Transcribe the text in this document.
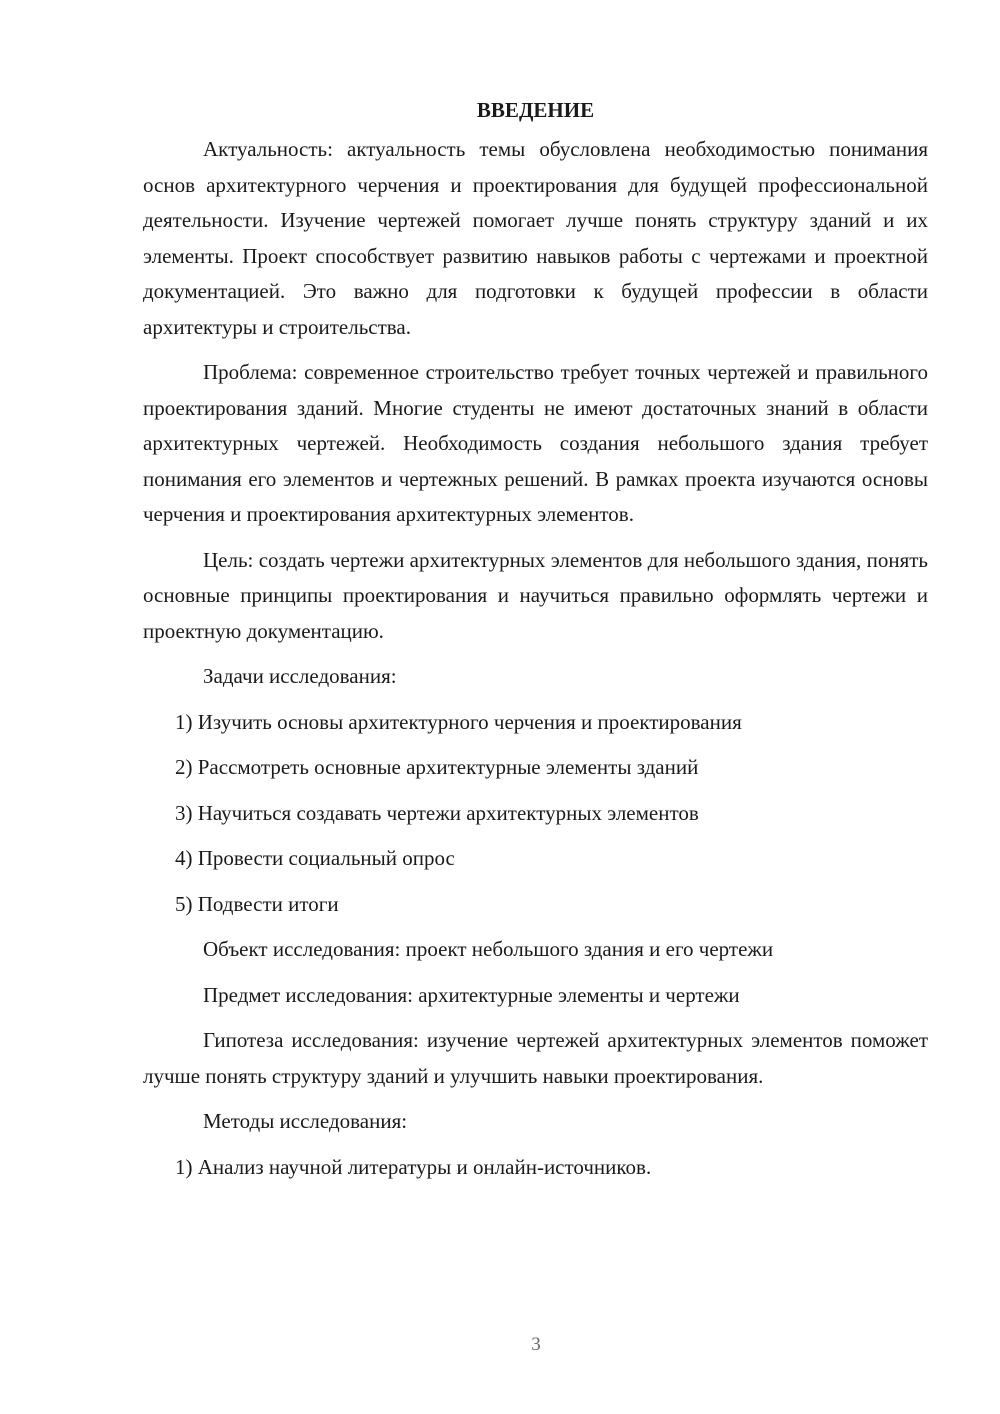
ВВЕДЕНИЕ
Актуальность: актуальность темы обусловлена необходимостью понимания основ архитектурного черчения и проектирования для будущей профессиональной деятельности. Изучение чертежей помогает лучше понять структуру зданий и их элементы. Проект способствует развитию навыков работы с чертежами и проектной документацией. Это важно для подготовки к будущей профессии в области архитектуры и строительства.
Проблема: современное строительство требует точных чертежей и правильного проектирования зданий. Многие студенты не имеют достаточных знаний в области архитектурных чертежей. Необходимость создания небольшого здания требует понимания его элементов и чертежных решений. В рамках проекта изучаются основы черчения и проектирования архитектурных элементов.
Цель: создать чертежи архитектурных элементов для небольшого здания, понять основные принципы проектирования и научиться правильно оформлять чертежи и проектную документацию.
Задачи исследования:
1) Изучить основы архитектурного черчения и проектирования
2) Рассмотреть основные архитектурные элементы зданий
3) Научиться создавать чертежи архитектурных элементов
4) Провести социальный опрос
5) Подвести итоги
Объект исследования: проект небольшого здания и его чертежи
Предмет исследования: архитектурные элементы и чертежи
Гипотеза исследования: изучение чертежей архитектурных элементов поможет лучше понять структуру зданий и улучшить навыки проектирования.
Методы исследования:
1) Анализ научной литературы и онлайн-источников.
3
